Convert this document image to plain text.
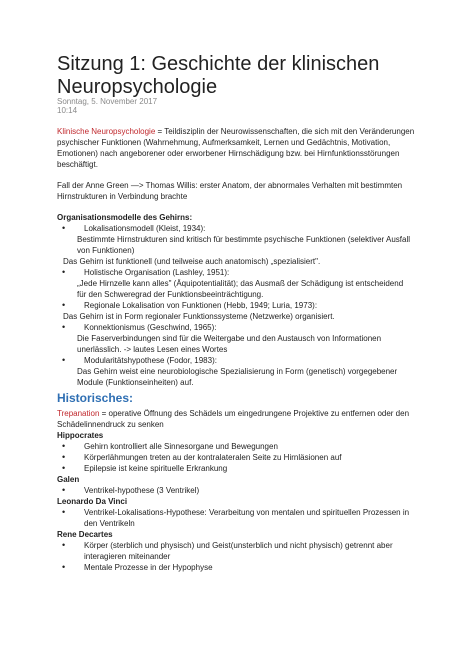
Sitzung 1: Geschichte der klinischen
Neuropsychologie
Sonntag, 5. November 2017
10:14
Klinische Neuropsychologie = Teildisziplin der Neurowissenschaften, die sich mit den Veränderungen
psychischer Funktionen (Wahrnehmung, Aufmerksamkeit, Lernen und Gedächtnis, Motivation,
Emotionen) nach angeborener oder erworbener Hirnschädigung bzw. bei Hirnfunktionsstörungen
beschäftigt.
Fall der Anne Green —> Thomas Willis: erster Anatom, der abnormales Verhalten mit bestimmten
Hirnstrukturen in Verbindung brachte
Organisationsmodelle des Gehirns:
• Lokalisationsmodell (Kleist, 1934):
Bestimmte Hirnstrukturen sind kritisch für bestimmte psychische Funktionen (selektiver Ausfall
von Funktionen)
Das Gehirn ist funktionell (und teilweise auch anatomisch) „spezialisiert".
• Holistische Organisation (Lashley, 1951):
„Jede Hirnzelle kann alles" (Äquipotentialität); das Ausmaß der Schädigung ist entscheidend
für den Schweregrad der Funktionsbeeinträchtigung.
• Regionale Lokalisation von Funktionen (Hebb, 1949; Luria, 1973):
Das Gehirn ist in Form regionaler Funktionssysteme (Netzwerke) organisiert.
• Konnektionismus (Geschwind, 1965):
Die Faserverbindungen sind für die Weitergabe und den Austausch von Informationen
unerlässlich. -> lautes Lesen eines Wortes
• Modularitätshypothese (Fodor, 1983):
Das Gehirn weist eine neurobiologische Spezialisierung in Form (genetisch) vorgegebener
Module (Funktionseinheiten) auf.
Historisches:
Trepanation = operative Öffnung des Schädels um eingedrungene Projektive zu entfernen oder den
Schädelinnendruck zu senken
Hippocrates
• Gehirn kontrolliert alle Sinnesorgane und Bewegungen
• Körperlähmungen treten au der kontralateralen Seite zu Hirnläsionen auf
• Epilepsie ist keine spirituelle Erkrankung
Galen
• Ventrikel-hypothese (3 Ventrikel)
Leonardo Da Vinci
• Ventrikel-Lokalisations-Hypothese: Verarbeitung von mentalen und spirituellen Prozessen in
den Ventrikeln
Rene Decartes
• Körper (sterblich und physisch) und Geist(unsterblich und nicht physisch) getrennt aber
interagieren miteinander
• Mentale Prozesse in der Hypophyse
